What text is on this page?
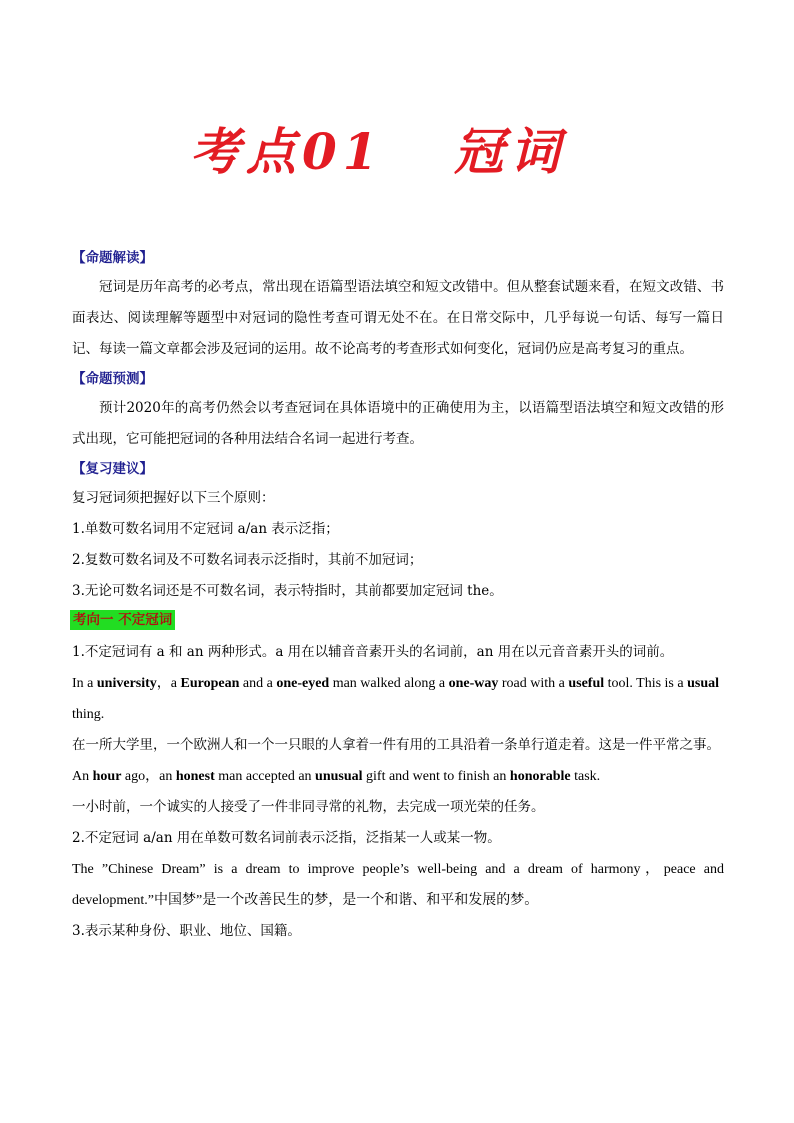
考点01   冠词
【命题解读】
冠词是历年高考的必考点，常出现在语篇型语法填空和短文改错中。但从整套试题来看，在短文改错、书面表达、阅读理解等题型中对冠词的隐性考查可谓无处不在。在日常交际中，几乎每说一句话、每写一篇日记、每读一篇文章都会涉及冠词的运用。故不论高考的考查形式如何变化，冠词仍应是高考复习的重点。
【命题预测】
预计2020年的高考仍然会以考查冠词在具体语境中的正确使用为主，以语篇型语法填空和短文改错的形式出现，它可能把冠词的各种用法结合名词一起进行考查。
【复习建议】
复习冠词须把握好以下三个原则：
1.单数可数名词用不定冠词 a/an 表示泛指；
2.复数可数名词及不可数名词表示泛指时，其前不加冠词；
3.无论可数名词还是不可数名词，表示特指时，其前都要加定冠词 the。
考向一 不定冠词
1.不定冠词有 a 和 an 两种形式。a 用在以辅音音素开头的名词前，an 用在以元音音素开头的词前。
In a university，a European and a one-eyed man walked along a one-way road with a useful tool. This is a usual
thing.
在一所大学里，一个欧洲人和一个一只眼的人拿着一件有用的工具沿着一条单行道走着。这是一件平常之事。
An hour ago，an honest man accepted an unusual gift and went to finish an honorable task.
一小时前，一个诚实的人接受了一件非同寻常的礼物，去完成一项光荣的任务。
2.不定冠词 a/an 用在单数可数名词前表示泛指，泛指某一人或某一物。
The ”Chinese Dream” is a dream to improve people’s well-being and a dream of harmony，peace and development.”中国梦”是一个改善民生的梦，是一个和谐、和平和发展的梦。
3.表示某种身份、职业、地位、国籍。
